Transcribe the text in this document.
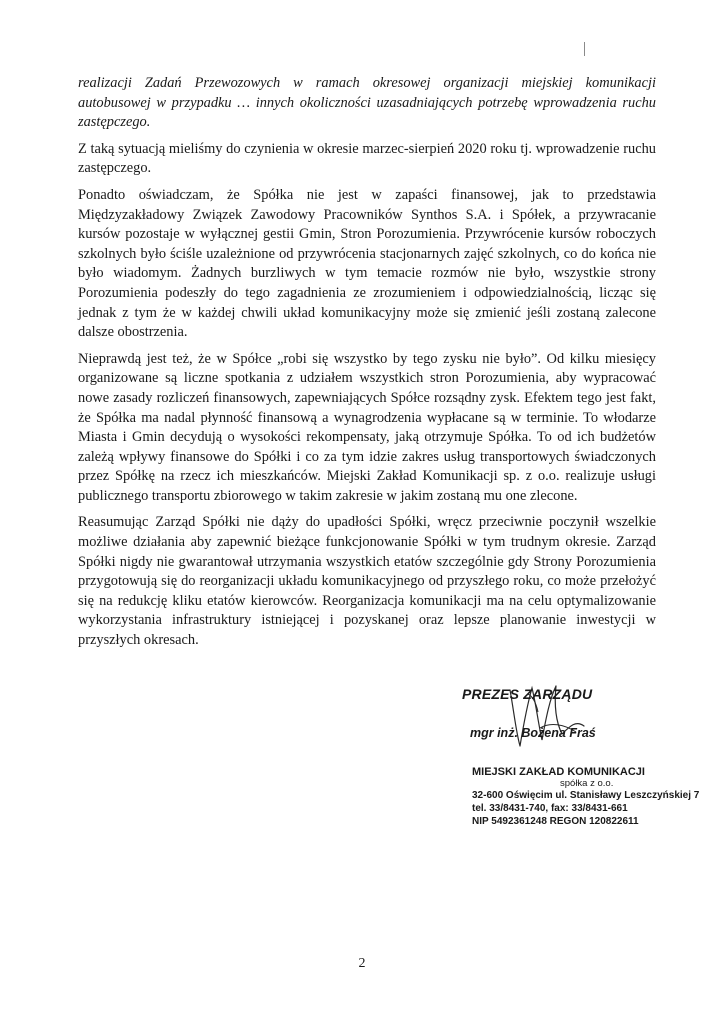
realizacji Zadań Przewozowych w ramach okresowej organizacji miejskiej komunikacji autobusowej w przypadku … innych okoliczności uzasadniających potrzebę wprowadzenia ruchu zastępczego.

Z taką sytuacją mieliśmy do czynienia w okresie marzec-sierpień 2020 roku tj. wprowadzenie ruchu zastępczego.

Ponadto oświadczam, że Spółka nie jest w zapaści finansowej, jak to przedstawia Międzyzakładowy Związek Zawodowy Pracowników Synthos S.A. i Spółek, a przywracanie kursów pozostaje w wyłącznej gestii Gmin, Stron Porozumienia. Przywrócenie kursów roboczych szkolnych było ściśle uzależnione od przywrócenia stacjonarnych zajęć szkolnych, co do końca nie było wiadomym. Żadnych burzliwych w tym temacie rozmów nie było, wszystkie strony Porozumienia podeszły do tego zagadnienia ze zrozumieniem i odpowiedzialnością, licząc się jednak z tym że w każdej chwili układ komunikacyjny może się zmienić jeśli zostaną zalecone dalsze obostrzenia.

Nieprawdą jest też, że w Spółce „robi się wszystko by tego zysku nie było”. Od kilku miesięcy organizowane są liczne spotkania z udziałem wszystkich stron Porozumienia, aby wypracować nowe zasady rozliczeń finansowych, zapewniających Spółce rozsądny zysk. Efektem tego jest fakt, że Spółka ma nadal płynność finansową a wynagrodzenia wypłacane są w terminie. To włodarze Miasta i Gmin decydują o wysokości rekompensaty, jaką otrzymuje Spółka. To od ich budżetów zależą wpływy finansowe do Spółki i co za tym idzie zakres usług transportowych świadczonych przez Spółkę na rzecz ich mieszkańców. Miejski Zakład Komunikacji sp. z o.o. realizuje usługi publicznego transportu zbiorowego w takim zakresie w jakim zostaną mu one zlecone.

Reasumując Zarząd Spółki nie dąży do upadłości Spółki, wręcz przeciwnie poczynił wszelkie możliwe działania aby zapewnić bieżące funkcjonowanie Spółki w tym trudnym okresie. Zarząd Spółki nigdy nie gwarantował utrzymania wszystkich etatów szczególnie gdy Strony Porozumienia przygotowują się do reorganizacji układu komunikacyjnego od przyszłego roku, co może przełożyć się na redukcję kliku etatów kierowców. Reorganizacja komunikacji ma na celu optymalizowanie wykorzystania infrastruktury istniejącej i pozyskanej oraz lepsze planowanie inwestycji w przyszłych okresach.

PREZES ZARZĄDU
mgr inż. Bożena Fraś
MIEJSKI ZAKŁAD KOMUNIKACJI
spółka z o.o.
32-600 Oświęcim ul. Stanisławy Leszczyńskiej 7
tel. 33/8431-740, fax: 33/8431-661
NIP 5492361248 REGON 120822611
2
